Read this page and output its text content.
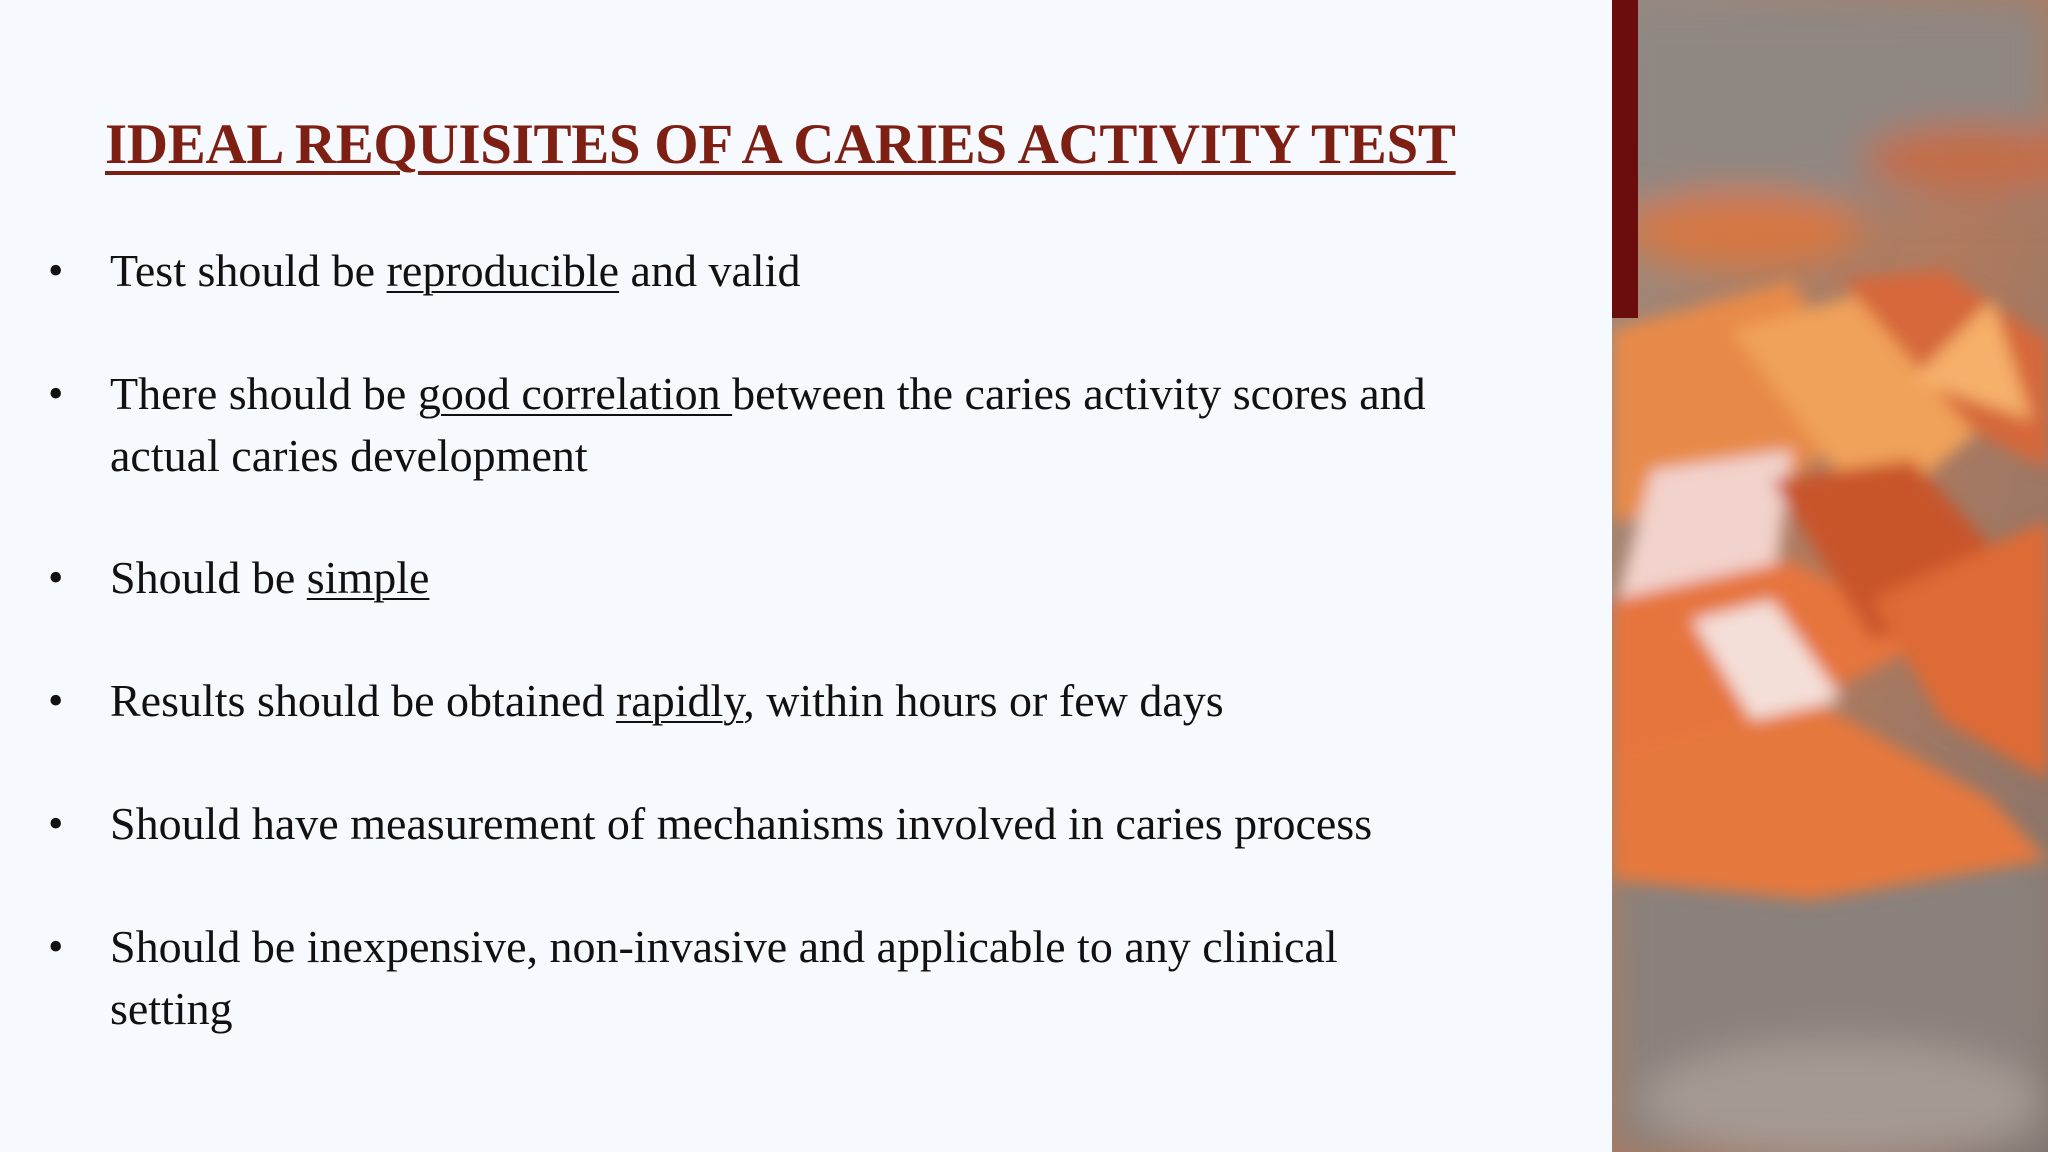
IDEAL REQUISITES OF A CARIES ACTIVITY TEST
• Test should be reproducible and valid
• There should be good correlation between the caries activity scores and
actual caries development
• Should be simple
• Results should be obtained rapidly, within hours or few days
• Should have measurement of mechanisms involved in caries process
• Should be inexpensive, non-invasive and applicable to any clinical
setting
